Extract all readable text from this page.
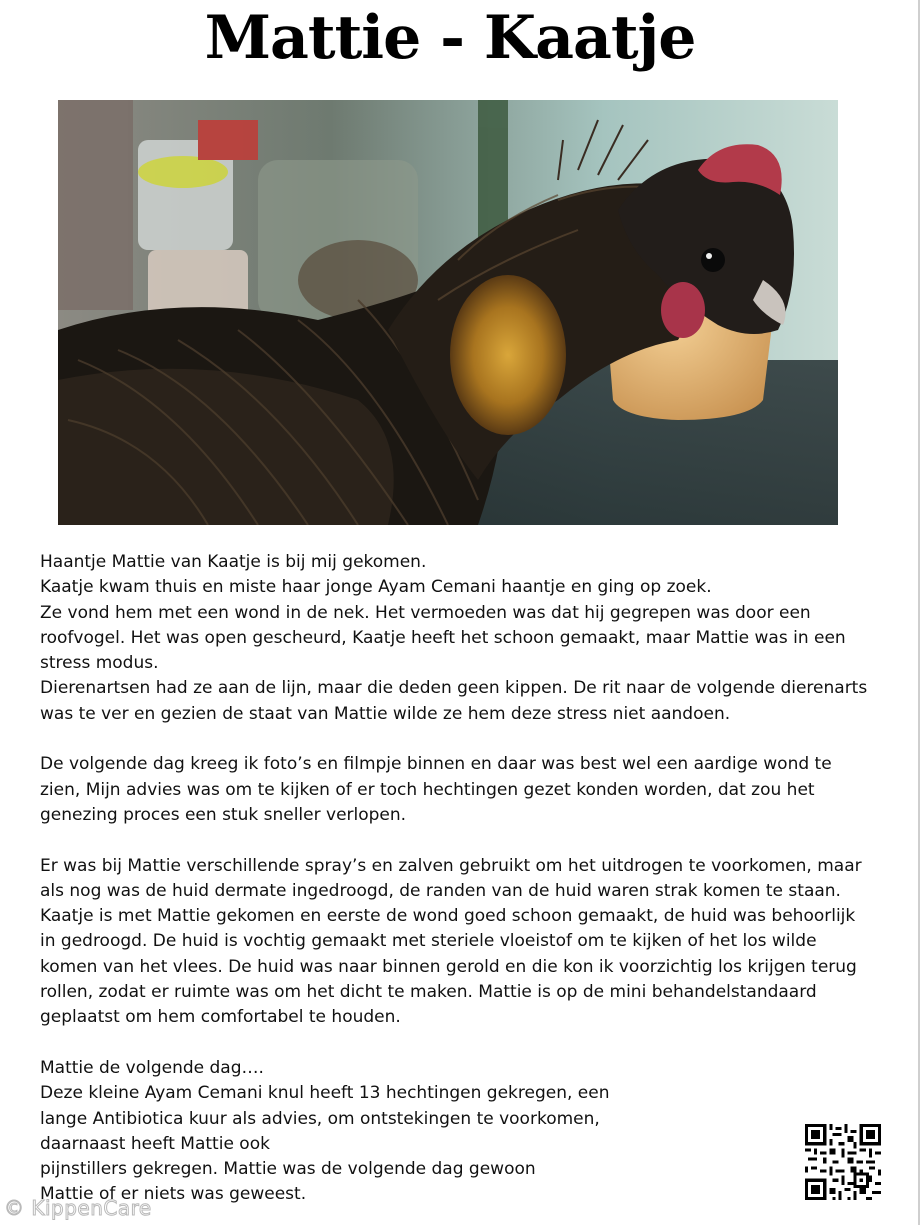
Mattie - Kaatje

Haantje Mattie van Kaatje is bij mij gekomen.

Kaatje kwam thuis en miste haar jonge Ayam Cemani haantje en ging op zoek.

Ze vond hem met een wond in de nek. Het vermoeden was dat hij gegrepen was door een roofvogel. Het was open gescheurd, Kaatje heeft het schoon gemaakt, maar Mattie was in een stress modus.

Dierenartsen had ze aan de lijn, maar die deden geen kippen. De rit naar de volgende dierenarts was te ver en gezien de staat van Mattie wilde ze hem deze stress niet aandoen.

De volgende dag kreeg ik foto’s en filmpje binnen en daar was best wel een aardige wond te zien, Mijn advies was om te kijken of er toch hechtingen gezet konden worden, dat zou het genezing proces een stuk sneller verlopen.

Er was bij Mattie verschillende spray’s en zalven gebruikt om het uitdrogen te voorkomen, maar als nog was de huid dermate ingedroogd, de randen van de huid waren strak komen te staan. Kaatje is met Mattie gekomen en eerste de wond goed schoon gemaakt, de huid was behoorlijk in gedroogd. De huid is vochtig gemaakt met steriele vloeistof om te kijken of het los wilde komen van het vlees. De huid was naar binnen gerold en die kon ik voorzichtig los krijgen terug rollen, zodat er ruimte was om het dicht te maken. Mattie is op de mini behandelstandaard geplaatst om hem comfortabel te houden.

Mattie de volgende dag….

Deze kleine Ayam Cemani knul heeft 13 hechtingen gekregen, een lange Antibiotica kuur als advies, om ontstekingen te voorkomen, daarnaast heeft Mattie ook

pijnstillers gekregen. Mattie was de volgende dag gewoon

Mattie of er niets was geweest.

© KippenCare
